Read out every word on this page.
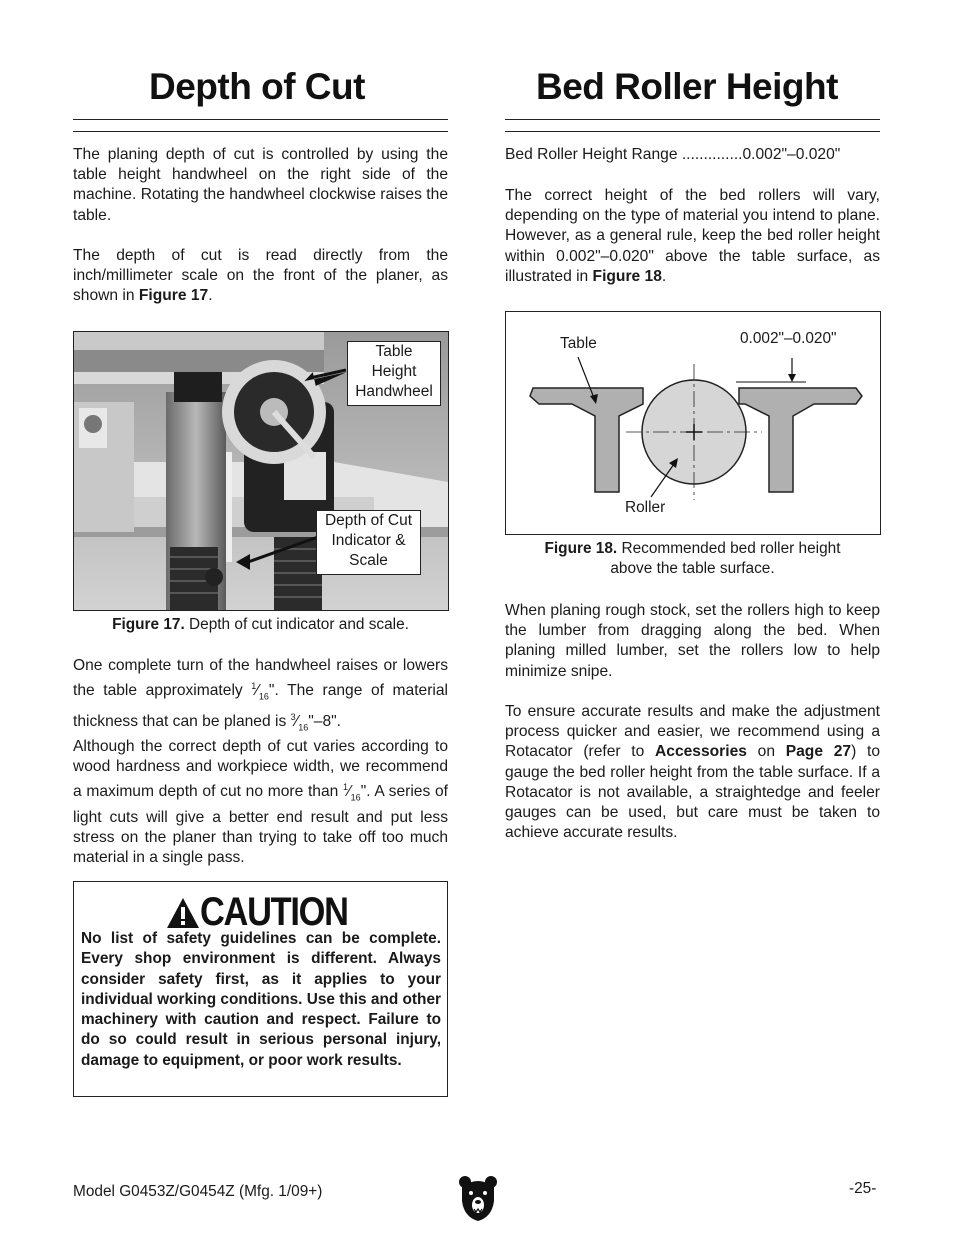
Depth of Cut

The planing depth of cut is controlled by using the table height handwheel on the right side of the machine. Rotating the handwheel clockwise raises the table.

The depth of cut is read directly from the inch/millimeter scale on the front of the planer, as shown in Figure 17.

Table
Height
Handwheel
Depth of Cut
Indicator &
Scale
Figure 17. Depth of cut indicator and scale.

One complete turn of the handwheel raises or lowers the table approximately $^1⁄_{16}$". The range of material thickness that can be planed is $^3⁄_{16}"-8$".

Although the correct depth of cut varies according to wood hardness and workpiece width, we recommend a maximum depth of cut no more than $^1⁄_{16}$". A series of light cuts will give a better end result and put less stress on the planer than trying to take off too much material in a single pass.

CAUTION

No list of safety guidelines can be complete. Every shop environment is different. Always consider safety first, as it applies to your individual working conditions. Use this and other machinery with caution and respect. Failure to do so could result in serious personal injury, damage to equipment, or poor work results.

Bed Roller Height

Bed Roller Height Range ..............0.002"–0.020"

The correct height of the bed rollers will vary, depending on the type of material you intend to plane. However, as a general rule, keep the bed roller height within 0.002"–0.020" above the table surface, as illustrated in Figure 18.

Table	0.002"–0.020"
Roller
Figure 18. Recommended bed roller height
above the table surface.

When planing rough stock, set the rollers high to keep the lumber from dragging along the bed. When planing milled lumber, set the rollers low to help minimize snipe.

To ensure accurate results and make the adjustment process quicker and easier, we recommend using a Rotacator (refer to Accessories on Page 27) to gauge the bed roller height from the table surface. If a Rotacator is not available, a straightedge and feeler gauges can be used, but care must be taken to achieve accurate results.

Model G0453Z/G0454Z (Mfg. 1/09+)	-25-
